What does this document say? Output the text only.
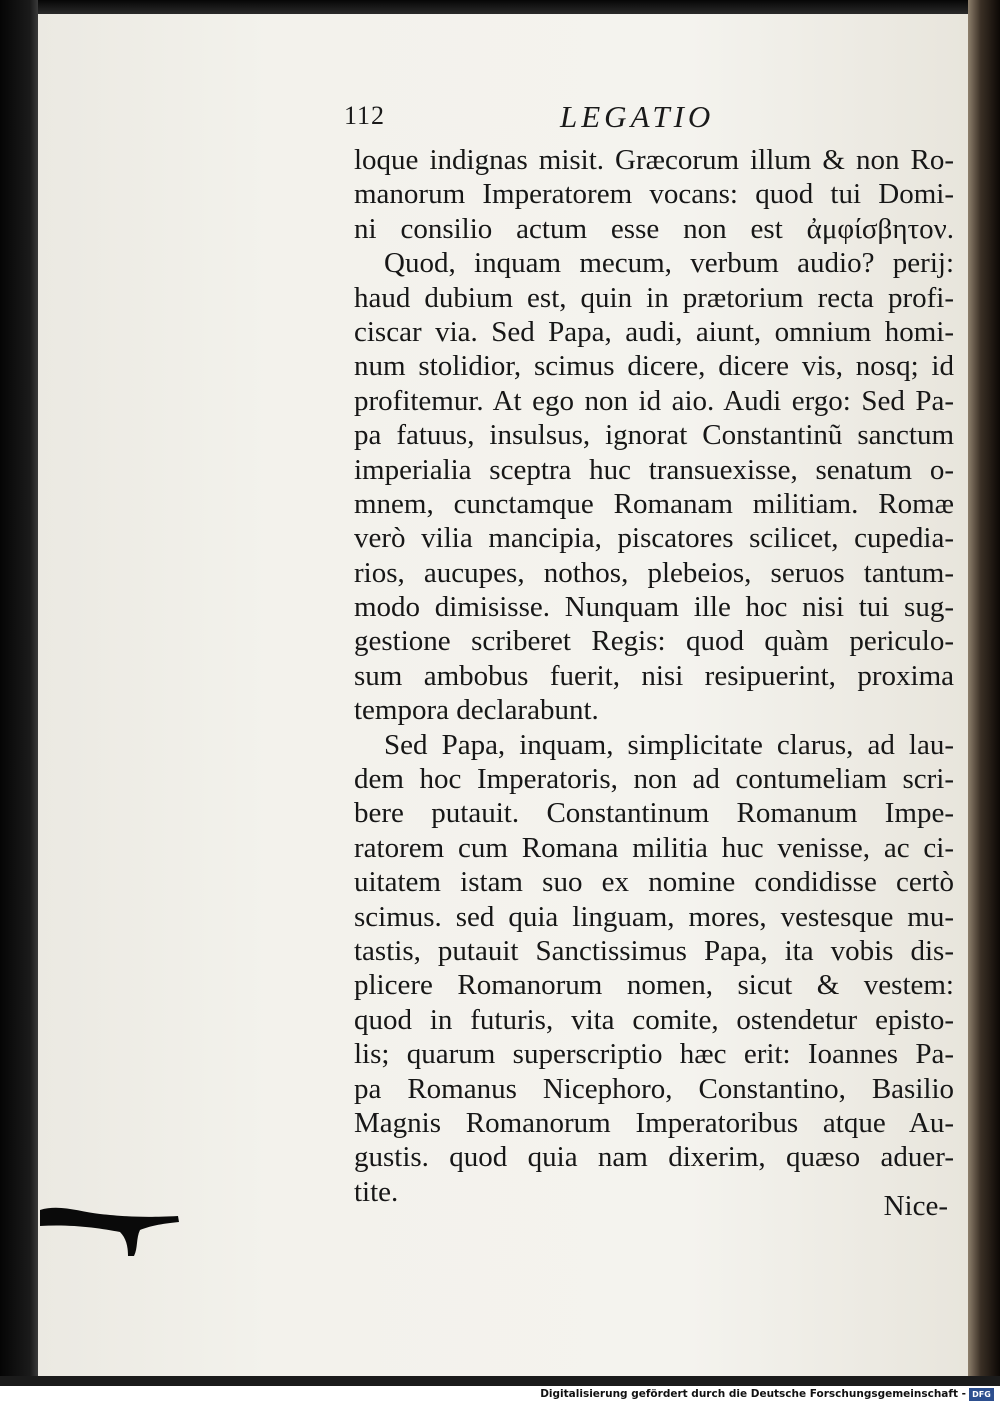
112	LEGATIO
loque indignas misit. Græcorum illum & non Ro-
manorum Imperatorem vocans: quod tui Domi-
ni consilio actum esse non est ἀμφίσβητον.
Quod, inquam mecum, verbum audio? perij:
haud dubium est, quin in prætorium recta profi-
ciscar via. Sed Papa, audi, aiunt, omnium homi-
num stolidior, scimus dicere, dicere vis, nosq; id
profitemur. At ego non id aio. Audi ergo: Sed Pa-
pa fatuus, insulsus, ignorat Constantinũ sanctum
imperialia sceptra huc transuexisse, senatum o-
mnem, cunctamque Romanam militiam. Romæ
verò vilia mancipia, piscatores scilicet, cupedia-
rios, aucupes, nothos, plebeios, seruos tantum-
modo dimisisse. Nunquam ille hoc nisi tui sug-
gestione scriberet Regis: quod quàm periculo-
sum ambobus fuerit, nisi resipuerint, proxima
tempora declarabunt.
Sed Papa, inquam, simplicitate clarus, ad lau-
dem hoc Imperatoris, non ad contumeliam scri-
bere putauit. Constantinum Romanum Impe-
ratorem cum Romana militia huc venisse, ac ci-
uitatem istam suo ex nomine condidisse certò
scimus. sed quia linguam, mores, vestesque mu-
tastis, putauit Sanctissimus Papa, ita vobis dis-
plicere Romanorum nomen, sicut & vestem:
quod in futuris, vita comite, ostendetur episto-
lis; quarum superscriptio hæc erit: Ioannes Pa-
pa Romanus Nicephoro, Constantino, Basilio
Magnis Romanorum Imperatoribus atque Au-
gustis. quod quia nam dixerim, quæso aduer-
tite.	Nice-
Digitalisierung gefördert durch die Deutsche Forschungsgemeinschaft - DFG
